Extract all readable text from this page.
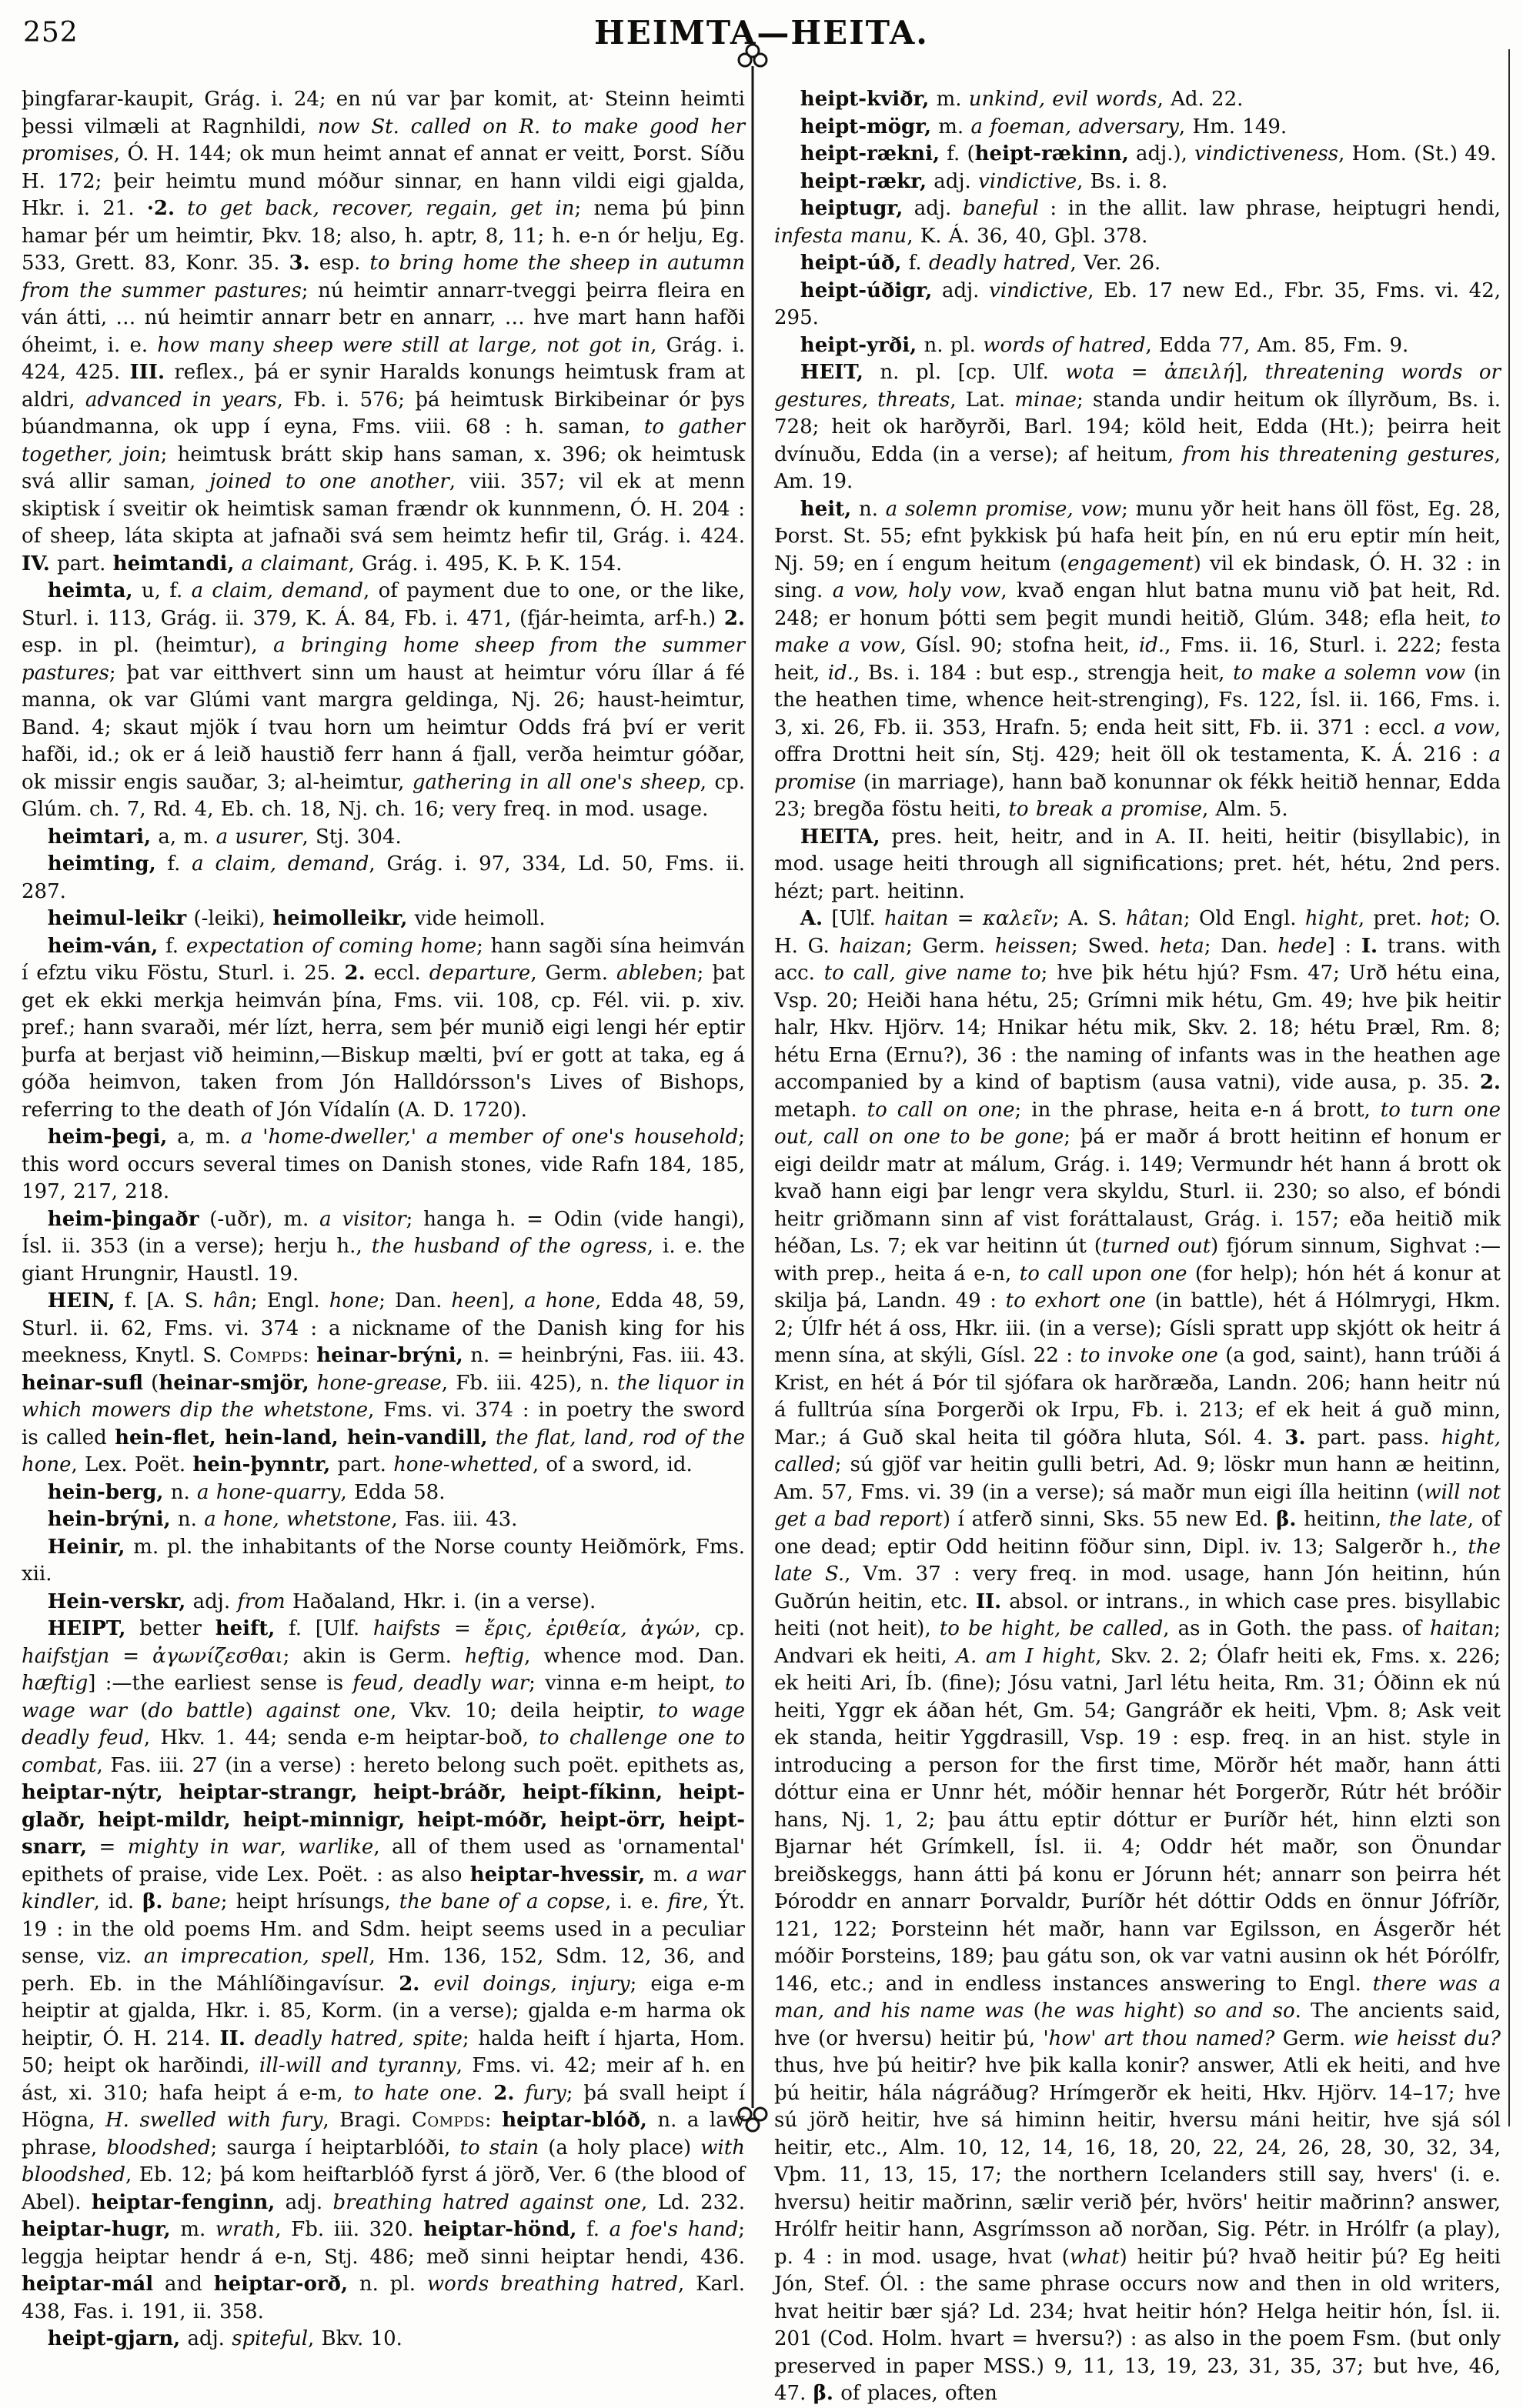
252	HEIMTA—HEITA.

þingfarar-kaupit, Grág. i. 24; en nú var þar komit, at· Steinn heimti þessi vilmæli at Ragnhildi, now St. called on R. to make good her promises, Ó. H. 144; ok mun heimt annat ef annat er veitt, Þorst. Síðu H. 172; þeir heimtu mund móður sinnar, en hann vildi eigi gjalda, Hkr. i. 21. ·2. to get back, recover, regain, get in; nema þú þinn hamar þér um heimtir, Þkv. 18; also, h. aptr, 8, 11; h. e-n ór helju, Eg. 533, Grett. 83, Konr. 35. 3. esp. to bring home the sheep in autumn from the summer pastures; nú heimtir annarr-tveggi þeirra fleira en ván átti, … nú heimtir annarr betr en annarr, … hve mart hann hafði óheimt, i. e. how many sheep were still at large, not got in, Grág. i. 424, 425. III. reflex., þá er synir Haralds konungs heimtusk fram at aldri, advanced in years, Fb. i. 576; þá heimtusk Birkibeinar ór þys búandmanna, ok upp í eyna, Fms. viii. 68 : h. saman, to gather together, join; heimtusk brátt skip hans saman, x. 396; ok heimtusk svá allir saman, joined to one another, viii. 357; vil ek at menn skiptisk í sveitir ok heimtisk saman frændr ok kunnmenn, Ó. H. 204 : of sheep, láta skipta at jafnaði svá sem heimtz hefir til, Grág. i. 424. IV. part. heimtandi, a claimant, Grág. i. 495, K. Þ. K. 154.

heimta, u, f. a claim, demand, of payment due to one, or the like, Sturl. i. 113, Grág. ii. 379, K. Á. 84, Fb. i. 471, (fjár-heimta, arf-h.) 2. esp. in pl. (heimtur), a bringing home sheep from the summer pastures; þat var eitthvert sinn um haust at heimtur vóru íllar á fé manna, ok var Glúmi vant margra geldinga, Nj. 26; haust-heimtur, Band. 4; skaut mjök í tvau horn um heimtur Odds frá því er verit hafði, id.; ok er á leið haustið ferr hann á fjall, verða heimtur góðar, ok missir engis sauðar, 3; al-heimtur, gathering in all one's sheep, cp. Glúm. ch. 7, Rd. 4, Eb. ch. 18, Nj. ch. 16; very freq. in mod. usage.

heimtari, a, m. a usurer, Stj. 304.

heimting, f. a claim, demand, Grág. i. 97, 334, Ld. 50, Fms. ii. 287.

heimul-leikr (-leiki), heimolleikr, vide heimoll.

heim-ván, f. expectation of coming home; hann sagði sína heimván í efztu viku Föstu, Sturl. i. 25. 2. eccl. departure, Germ. ableben; þat get ek ekki merkja heimván þína, Fms. vii. 108, cp. Fél. vii. p. xiv. pref.; hann svaraði, mér lízt, herra, sem þér munið eigi lengi hér eptir þurfa at berjast við heiminn,—Biskup mælti, því er gott at taka, eg á góða heimvon, taken from Jón Halldórsson's Lives of Bishops, referring to the death of Jón Vídalín (A. D. 1720).

heim-þegi, a, m. a 'home-dweller,' a member of one's household; this word occurs several times on Danish stones, vide Rafn 184, 185, 197, 217, 218.

heim-þingaðr (-uðr), m. a visitor; hanga h. = Odin (vide hangi), Ísl. ii. 353 (in a verse); herju h., the husband of the ogress, i. e. the giant Hrungnir, Haustl. 19.

HEIN, f. [A. S. hân; Engl. hone; Dan. heen], a hone, Edda 48, 59, Sturl. ii. 62, Fms. vi. 374 : a nickname of the Danish king for his meekness, Knytl. S. Compds: heinar-brýni, n. = heinbrýni, Fas. iii. 43. heinar-sufl (heinar-smjör, hone-grease, Fb. iii. 425), n. the liquor in which mowers dip the whetstone, Fms. vi. 374 : in poetry the sword is called hein-flet, hein-land, hein-vandill, the flat, land, rod of the hone, Lex. Poët. hein-þynntr, part. hone-whetted, of a sword, id.

hein-berg, n. a hone-quarry, Edda 58.

hein-brýni, n. a hone, whetstone, Fas. iii. 43.

Heinir, m. pl. the inhabitants of the Norse county Heiðmörk, Fms. xii.

Hein-verskr, adj. from Haðaland, Hkr. i. (in a verse).

HEIPT, better heift, f. [Ulf. haifsts = ἔρις, ἐριθεία, ἀγών, cp. haifstjan = ἀγωνίζεσθαι; akin is Germ. heftig, whence mod. Dan. hæftig] :—the earliest sense is feud, deadly war; vinna e-m heipt, to wage war (do battle) against one, Vkv. 10; deila heiptir, to wage deadly feud, Hkv. 1. 44; senda e-m heiptar-boð, to challenge one to combat, Fas. iii. 27 (in a verse) : hereto belong such poët. epithets as, heiptar-nýtr, heiptar-strangr, heipt-bráðr, heipt-fíkinn, heipt-glaðr, heipt-mildr, heipt-minnigr, heipt-móðr, heipt-örr, heipt-snarr, = mighty in war, warlike, all of them used as 'ornamental' epithets of praise, vide Lex. Poët. : as also heiptar-hvessir, m. a war kindler, id. β. bane; heipt hrísungs, the bane of a copse, i. e. fire, Ýt. 19 : in the old poems Hm. and Sdm. heipt seems used in a peculiar sense, viz. an imprecation, spell, Hm. 136, 152, Sdm. 12, 36, and perh. Eb. in the Máhlíðingavísur. 2. evil doings, injury; eiga e-m heiptir at gjalda, Hkr. i. 85, Korm. (in a verse); gjalda e-m harma ok heiptir, Ó. H. 214. II. deadly hatred, spite; halda heift í hjarta, Hom. 50; heipt ok harðindi, ill-will and tyranny, Fms. vi. 42; meir af h. en ást, xi. 310; hafa heipt á e-m, to hate one. 2. fury; þá svall heipt í Högna, H. swelled with fury, Bragi. Compds: heiptar-blóð, n. a law phrase, bloodshed; saurga í heiptarblóði, to stain (a holy place) with bloodshed, Eb. 12; þá kom heiftarblóð fyrst á jörð, Ver. 6 (the blood of Abel). heiptar-fenginn, adj. breathing hatred against one, Ld. 232. heiptar-hugr, m. wrath, Fb. iii. 320. heiptar-hönd, f. a foe's hand; leggja heiptar hendr á e-n, Stj. 486; með sinni heiptar hendi, 436. heiptar-mál and heiptar-orð, n. pl. words breathing hatred, Karl. 438, Fas. i. 191, ii. 358.

heipt-gjarn, adj. spiteful, Bkv. 10.

heipt-kviðr, m. unkind, evil words, Ad. 22.

heipt-mögr, m. a foeman, adversary, Hm. 149.

heipt-rækni, f. (heipt-rækinn, adj.), vindictiveness, Hom. (St.) 49.

heipt-rækr, adj. vindictive, Bs. i. 8.

heiptugr, adj. baneful : in the allit. law phrase, heiptugri hendi, infesta manu, K. Á. 36, 40, Gþl. 378.

heipt-úð, f. deadly hatred, Ver. 26.

heipt-úðigr, adj. vindictive, Eb. 17 new Ed., Fbr. 35, Fms. vi. 42, 295.

heipt-yrði, n. pl. words of hatred, Edda 77, Am. 85, Fm. 9.

HEIT, n. pl. [cp. Ulf. wota = ἀπειλή], threatening words or gestures, threats, Lat. minae; standa undir heitum ok íllyrðum, Bs. i. 728; heit ok harðyrði, Barl. 194; köld heit, Edda (Ht.); þeirra heit dvínuðu, Edda (in a verse); af heitum, from his threatening gestures, Am. 19.

heit, n. a solemn promise, vow; munu yðr heit hans öll föst, Eg. 28, Þorst. St. 55; efnt þykkisk þú hafa heit þín, en nú eru eptir mín heit, Nj. 59; en í engum heitum (engagement) vil ek bindask, Ó. H. 32 : in sing. a vow, holy vow, kvað engan hlut batna munu við þat heit, Rd. 248; er honum þótti sem þegit mundi heitið, Glúm. 348; efla heit, to make a vow, Gísl. 90; stofna heit, id., Fms. ii. 16, Sturl. i. 222; festa heit, id., Bs. i. 184 : but esp., strengja heit, to make a solemn vow (in the heathen time, whence heit-strenging), Fs. 122, Ísl. ii. 166, Fms. i. 3, xi. 26, Fb. ii. 353, Hrafn. 5; enda heit sitt, Fb. ii. 371 : eccl. a vow, offra Drottni heit sín, Stj. 429; heit öll ok testamenta, K. Á. 216 : a promise (in marriage), hann bað konunnar ok fékk heitið hennar, Edda 23; bregða föstu heiti, to break a promise, Alm. 5.

HEITA, pres. heit, heitr, and in A. II. heiti, heitir (bisyllabic), in mod. usage heiti through all significations; pret. hét, hétu, 2nd pers. hézt; part. heitinn.

A. [Ulf. haitan = καλεῖν; A. S. hâtan; Old Engl. hight, pret. hot; O. H. G. haizan; Germ. heissen; Swed. heta; Dan. hede] : I. trans. with acc. to call, give name to; hve þik hétu hjú? Fsm. 47; Urð hétu eina, Vsp. 20; Heiði hana hétu, 25; Grímni mik hétu, Gm. 49; hve þik heitir halr, Hkv. Hjörv. 14; Hnikar hétu mik, Skv. 2. 18; hétu Þræl, Rm. 8; hétu Erna (Ernu?), 36 : the naming of infants was in the heathen age accompanied by a kind of baptism (ausa vatni), vide ausa, p. 35. 2. metaph. to call on one; in the phrase, heita e-n á brott, to turn one out, call on one to be gone; þá er maðr á brott heitinn ef honum er eigi deildr matr at málum, Grág. i. 149; Vermundr hét hann á brott ok kvað hann eigi þar lengr vera skyldu, Sturl. ii. 230; so also, ef bóndi heitr griðmann sinn af vist foráttalaust, Grág. i. 157; eða heitið mik héðan, Ls. 7; ek var heitinn út (turned out) fjórum sinnum, Sighvat :—with prep., heita á e-n, to call upon one (for help); hón hét á konur at skilja þá, Landn. 49 : to exhort one (in battle), hét á Hólmrygi, Hkm. 2; Úlfr hét á oss, Hkr. iii. (in a verse); Gísli spratt upp skjótt ok heitr á menn sína, at skýli, Gísl. 22 : to invoke one (a god, saint), hann trúði á Krist, en hét á Þór til sjófara ok harðræða, Landn. 206; hann heitr nú á fulltrúa sína Þorgerði ok Irpu, Fb. i. 213; ef ek heit á guð minn, Mar.; á Guð skal heita til góðra hluta, Sól. 4. 3. part. pass. hight, called; sú gjöf var heitin gulli betri, Ad. 9; löskr mun hann æ heitinn, Am. 57, Fms. vi. 39 (in a verse); sá maðr mun eigi ílla heitinn (will not get a bad report) í atferð sinni, Sks. 55 new Ed. β. heitinn, the late, of one dead; eptir Odd heitinn föður sinn, Dipl. iv. 13; Salgerðr h., the late S., Vm. 37 : very freq. in mod. usage, hann Jón heitinn, hún Guðrún heitin, etc. II. absol. or intrans., in which case pres. bisyllabic heiti (not heit), to be hight, be called, as in Goth. the pass. of haitan; Andvari ek heiti, A. am I hight, Skv. 2. 2; Ólafr heiti ek, Fms. x. 226; ek heiti Ari, Íb. (fine); Jósu vatni, Jarl létu heita, Rm. 31; Óðinn ek nú heiti, Yggr ek áðan hét, Gm. 54; Gangráðr ek heiti, Vþm. 8; Ask veit ek standa, heitir Yggdrasill, Vsp. 19 : esp. freq. in an hist. style in introducing a person for the first time, Mörðr hét maðr, hann átti dóttur eina er Unnr hét, móðir hennar hét Þorgerðr, Rútr hét bróðir hans, Nj. 1, 2; þau áttu eptir dóttur er Þuríðr hét, hinn elzti son Bjarnar hét Grímkell, Ísl. ii. 4; Oddr hét maðr, son Önundar breiðskeggs, hann átti þá konu er Jórunn hét; annarr son þeirra hét Þóroddr en annarr Þorvaldr, Þuríðr hét dóttir Odds en önnur Jófríðr, 121, 122; Þorsteinn hét maðr, hann var Egilsson, en Ásgerðr hét móðir Þorsteins, 189; þau gátu son, ok var vatni ausinn ok hét Þórólfr, 146, etc.; and in endless instances answering to Engl. there was a man, and his name was (he was hight) so and so. The ancients said, hve (or hversu) heitir þú, 'how' art thou named? Germ. wie heisst du? thus, hve þú heitir? hve þik kalla konir? answer, Atli ek heiti, and hve þú heitir, hála nágráðug? Hrímgerðr ek heiti, Hkv. Hjörv. 14–17; hve sú jörð heitir, hve sá himinn heitir, hversu máni heitir, hve sjá sól heitir, etc., Alm. 10, 12, 14, 16, 18, 20, 22, 24, 26, 28, 30, 32, 34, Vþm. 11, 13, 15, 17; the northern Icelanders still say, hvers' (i. e. hversu) heitir maðrinn, sælir verið þér, hvörs' heitir maðrinn? answer, Hrólfr heitir hann, Asgrímsson að norðan, Sig. Pétr. in Hrólfr (a play), p. 4 : in mod. usage, hvat (what) heitir þú? hvað heitir þú? Eg heiti Jón, Stef. Ól. : the same phrase occurs now and then in old writers, hvat heitir bær sjá? Ld. 234; hvat heitir hón? Helga heitir hón, Ísl. ii. 201 (Cod. Holm. hvart = hversu?) : as also in the poem Fsm. (but only preserved in paper MSS.) 9, 11, 13, 19, 23, 31, 35, 37; but hve, 46, 47. β. of places, often
